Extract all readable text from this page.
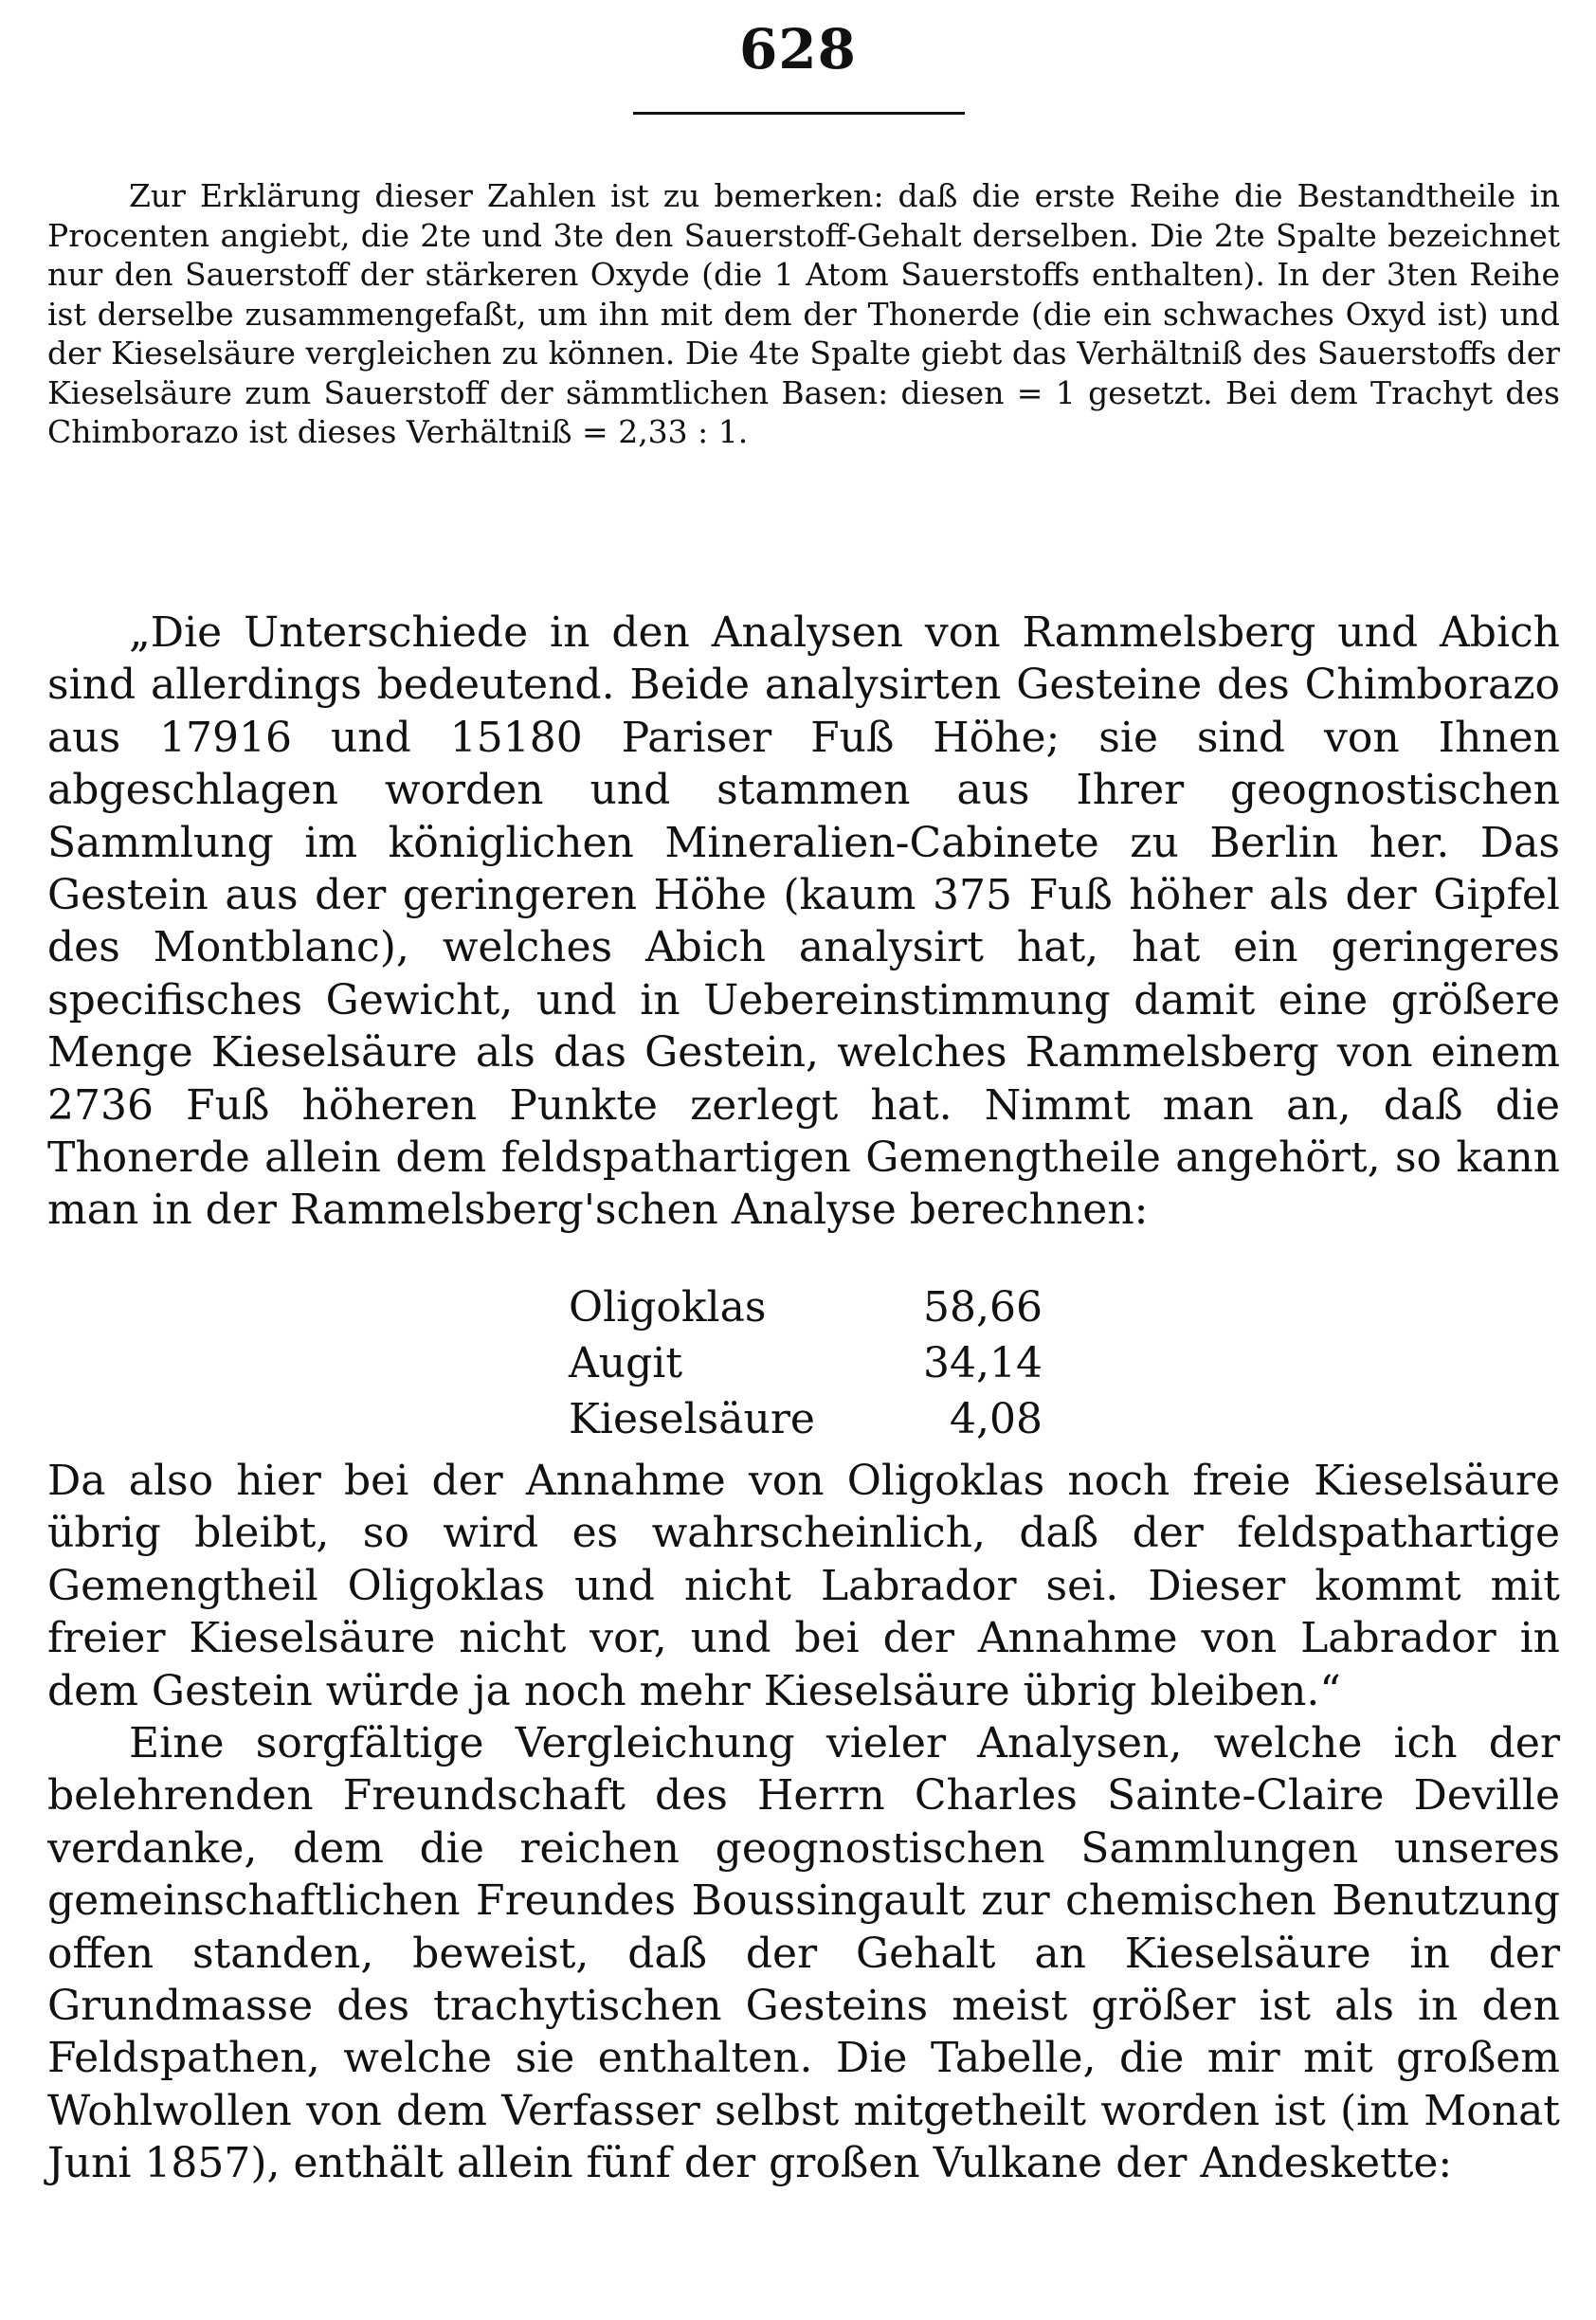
628

Zur Erklärung dieser Zahlen ist zu bemerken: daß die erste Reihe die Bestandtheile in Procenten angiebt, die 2te und 3te den Sauerstoff-Gehalt derselben. Die 2te Spalte bezeichnet nur den Sauerstoff der stärkeren Oxyde (die 1 Atom Sauerstoffs enthalten). In der 3ten Reihe ist derselbe zusammengefaßt, um ihn mit dem der Thonerde (die ein schwaches Oxyd ist) und der Kieselsäure vergleichen zu können. Die 4te Spalte giebt das Verhältniß des Sauerstoffs der Kieselsäure zum Sauerstoff der sämmtlichen Basen: diesen = 1 gesetzt. Bei dem Trachyt des Chimborazo ist dieses Verhältniß = 2,33 : 1.

„Die Unterschiede in den Analysen von Rammelsberg und Abich sind allerdings bedeutend. Beide analysirten Gesteine des Chimborazo aus 17916 und 15180 Pariser Fuß Höhe; sie sind von Ihnen abgeschlagen worden und stammen aus Ihrer geognostischen Sammlung im königlichen Mineralien-Cabinete zu Berlin her. Das Gestein aus der geringeren Höhe (kaum 375 Fuß höher als der Gipfel des Montblanc), welches Abich analysirt hat, hat ein geringeres specifisches Gewicht, und in Uebereinstimmung damit eine größere Menge Kieselsäure als das Gestein, welches Rammelsberg von einem 2736 Fuß höheren Punkte zerlegt hat. Nimmt man an, daß die Thonerde allein dem feldspathartigen Gemengtheile angehört, so kann man in der Rammelsberg'schen Analyse berechnen:

Oligoklas	58,66
Augit	34,14
Kieselsäure	4,08

Da also hier bei der Annahme von Oligoklas noch freie Kieselsäure übrig bleibt, so wird es wahrscheinlich, daß der feldspathartige Gemengtheil Oligoklas und nicht Labrador sei. Dieser kommt mit freier Kieselsäure nicht vor, und bei der Annahme von Labrador in dem Gestein würde ja noch mehr Kieselsäure übrig bleiben.“

Eine sorgfältige Vergleichung vieler Analysen, welche ich der belehrenden Freundschaft des Herrn Charles Sainte-Claire Deville verdanke, dem die reichen geognostischen Sammlungen unseres gemeinschaftlichen Freundes Boussingault zur chemischen Benutzung offen standen, beweist, daß der Gehalt an Kieselsäure in der Grundmasse des trachytischen Gesteins meist größer ist als in den Feldspathen, welche sie enthalten. Die Tabelle, die mir mit großem Wohlwollen von dem Verfasser selbst mitgetheilt worden ist (im Monat Juni 1857), enthält allein fünf der großen Vulkane der Andeskette:
